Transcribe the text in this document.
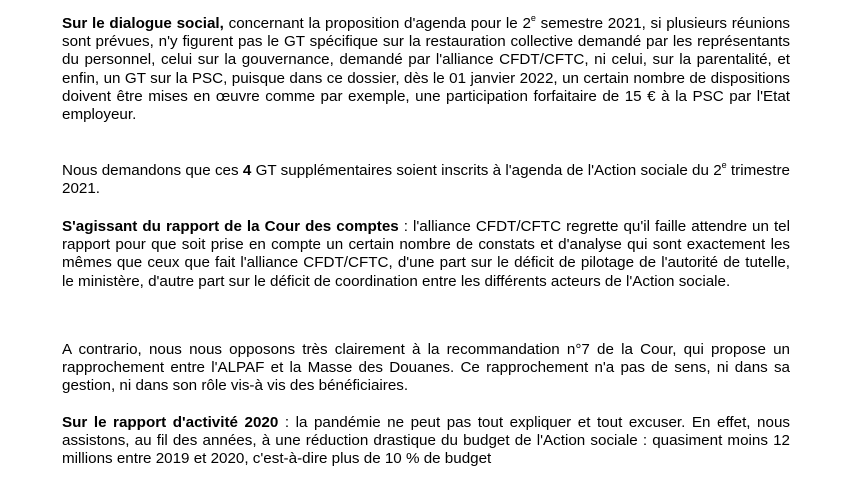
Sur le dialogue social, concernant la proposition d'agenda pour le 2e semestre 2021, si plusieurs réunions sont prévues, n'y figurent pas le GT spécifique sur la restauration collective demandé par les représentants du personnel, celui sur la gouvernance, demandé par l'alliance CFDT/CFTC, ni celui, sur la parentalité, et enfin, un GT sur la PSC, puisque dans ce dossier, dès le 01 janvier 2022, un certain nombre de dispositions doivent être mises en œuvre comme par exemple, une participation forfaitaire de 15 € à la PSC par l'Etat employeur.

Nous demandons que ces 4 GT supplémentaires soient inscrits à l'agenda de l'Action sociale du 2e trimestre 2021.

S'agissant du rapport de la Cour des comptes : l'alliance CFDT/CFTC regrette qu'il faille attendre un tel rapport pour que soit prise en compte un certain nombre de constats et d'analyse qui sont exactement les mêmes que ceux que fait l'alliance CFDT/CFTC, d'une part sur le déficit de pilotage de l'autorité de tutelle, le ministère, d'autre part sur le déficit de coordination entre les différents acteurs de l'Action sociale.

A contrario, nous nous opposons très clairement à la recommandation n°7 de la Cour, qui propose un rapprochement entre l'ALPAF et la Masse des Douanes. Ce rapprochement n'a pas de sens, ni dans sa gestion, ni dans son rôle vis-à vis des bénéficiaires.

Sur le rapport d'activité 2020 : la pandémie ne peut pas tout expliquer et tout excuser. En effet, nous assistons, au fil des années, à une réduction drastique du budget de l'Action sociale : quasiment moins 12 millions entre 2019 et 2020, c'est-à-dire plus de 10 % de budget
